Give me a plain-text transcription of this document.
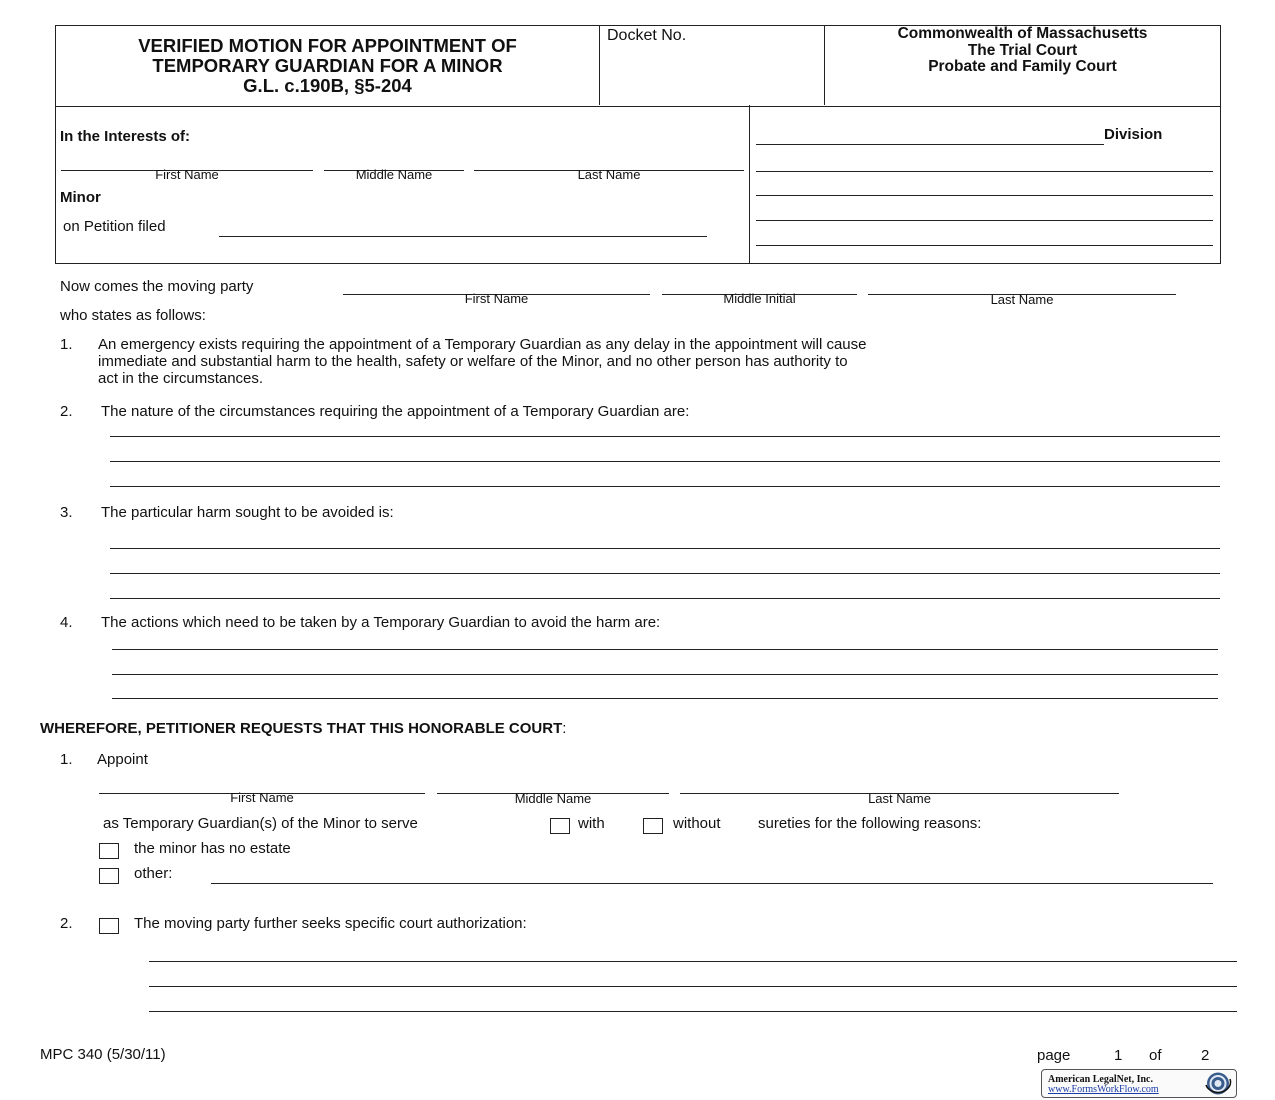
VERIFIED MOTION FOR APPOINTMENT OF
TEMPORARY GUARDIAN FOR A MINOR
G.L. c.190B, §5-204
Docket No.	Commonwealth of Massachusetts
The Trial Court
Probate and Family Court
In the Interests of:
First Name	Middle Name	Last Name
Minor
on Petition filed
Division
Now comes the moving party
First Name	Middle Initial	Last Name
who states as follows:
1. An emergency exists requiring the appointment of a Temporary Guardian as any delay in the appointment will cause
immediate and substantial harm to the health, safety or welfare of the Minor, and no other person has authority to
act in the circumstances.
2. The nature of the circumstances requiring the appointment of a Temporary Guardian are:
3. The particular harm sought to be avoided is:
4. The actions which need to be taken by a Temporary Guardian to avoid the harm are:
WHEREFORE, PETITIONER REQUESTS THAT THIS HONORABLE COURT:
1. Appoint
First Name	Middle Name	Last Name
as Temporary Guardian(s) of the Minor to serve	with	without sureties for the following reasons:
the minor has no estate
other:
2.	The moving party further seeks specific court authorization:
MPC 340 (5/30/11)	page	1 of	2
American LegalNet, Inc.
www.FormsWorkFlow.com
